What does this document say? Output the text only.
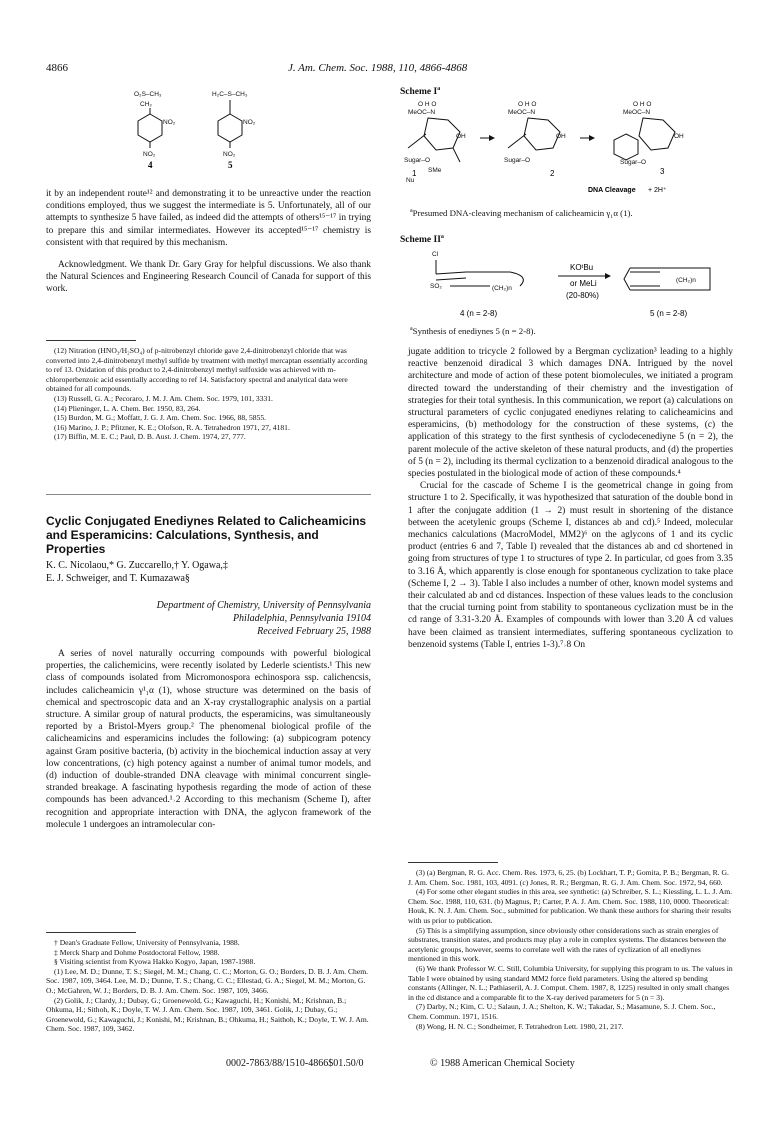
4866	J. Am. Chem. Soc. 1988, 110, 4866-4868
O₂S–CH₃
CH₂
NO₂
NO₂
4
H₂C–S–CH₃
NO₂
NO₂
5

it by an independent route¹² and demonstrating it to be unreactive under the reaction conditions employed, thus we suggest the intermediate is 5. Unfortunately, all of our attempts to synthesize 5 have failed, as indeed did the attempts of others¹⁵⁻¹⁷ in trying to prepare this and similar intermediates. However its accepted¹⁵⁻¹⁷ chemistry is consistent with that required by this mechanism.

Acknowledgment. We thank Dr. Gary Gray for helpful discussions. We also thank the Natural Sciences and Engineering Research Council of Canada for support of this work.

(12) Nitration (HNO₃/H₂SO₄) of p-nitrobenzyl chloride gave 2,4-dinitrobenzyl chloride that was converted into 2,4-dinitrobenzyl methyl sulfide by treatment with methyl mercaptan essentially according to ref 13. Oxidation of this product to 2,4-dinitrobenzyl methyl sulfoxide was achieved with m-chloroperbenzoic acid essentially according to ref 14. Satisfactory spectral and analytical data were obtained for all compounds.

(13) Russell, G. A.; Pecoraro, J. M. J. Am. Chem. Soc. 1979, 101, 3331.

(14) Plieninger, L. A. Chem. Ber. 1950, 83, 264.

(15) Burdon, M. G.; Moffatt, J. G. J. Am. Chem. Soc. 1966, 88, 5855.

(16) Marino, J. P.; Pfitzner, K. E.; Olofson, R. A. Tetrahedron 1971, 27, 4181.

(17) Biffin, M. E. C.; Paul, D. B. Aust. J. Chem. 1974, 27, 777.

Cyclic Conjugated Enediynes Related to Calicheamicins and Esperamicins: Calculations, Synthesis, and Properties
K. C. Nicolaou,* G. Zuccarello,† Y. Ogawa,‡
E. J. Schweiger, and T. Kumazawa§
Department of Chemistry, University of Pennsylvania
Philadelphia, Pennsylvania 19104
Received February 25, 1988

A series of novel naturally occurring compounds with powerful biological properties, the calichemicins, were recently isolated by Lederle scientists.¹ This new class of compounds isolated from Micromonospora echinospora ssp. calichencsis, includes calicheamicin γ¹₁α (1), whose structure was determined on the basis of chemical and spectroscopic data and an X-ray crystallographic analysis on a partial structure. A similar group of natural products, the esperamicins, was simultaneously reported by a Bristol-Myers group.² The phenomenal biological profile of the calicheamicins and esperamicins includes the following: (a) subpicogram potency against Gram positive bacteria, (b) activity in the biochemical induction assay at very low concentrations, (c) high potency against a number of animal tumor models, and (d) induction of double-stranded DNA cleavage with minimal concurrent single-stranded breakage. A fascinating hypothesis regarding the mode of action of these compounds has been advanced.¹˒2 According to this mechanism (Scheme I), after recognition and appropriate interaction with DNA, the aglycon framework of the molecule 1 undergoes an intramolecular con-

† Dean's Graduate Fellow, University of Pennsylvania, 1988.

‡ Merck Sharp and Dohme Postdoctoral Fellow, 1988.

§ Visiting scientist from Kyowa Hakko Kogyo, Japan, 1987-1988.

(1) Lee, M. D.; Dunne, T. S.; Siegel, M. M.; Chang, C. C.; Morton, G. O.; Borders, D. B. J. Am. Chem. Soc. 1987, 109, 3464. Lee, M. D.; Dunne, T. S.; Chang, C. C.; Ellestad, G. A.; Siegel, M. M.; Morton, G. O.; McGahren, W. J.; Borders, D. B. J. Am. Chem. Soc. 1987, 109, 3466.

(2) Golik, J.; Clardy, J.; Dubay, G.; Groenewold, G.; Kawaguchi, H.; Konishi, M.; Krishnan, B.; Ohkuma, H.; Sithoh, K.; Doyle, T. W. J. Am. Chem. Soc. 1987, 109, 3461. Golik, J.; Dubay, G.; Groenewold, G.; Kawaguchi, J.; Konishi, M.; Krishnan, B.; Ohkuma, H.; Saithoh, K.; Doyle, T. W. J. Am. Chem. Soc. 1987, 109, 3462.

Scheme $I^a$
O H O
MeOC–N
OH
Sugar–O
SMe
Nu
1
O H O
MeOC–N
OH
Sugar–O
2
O H O
MeOC–N
OH
Sugar–O
3
DNA Cleavage + 2H⁺
$^a$Presumed DNA-cleaving mechanism of calicheamicin γ₁α (1).
Scheme $II^a$
Cl
SO₂	(CH₂)n
4 (n = 2-8)
KOᵗBu
or MeLi
(20-80%)
(CH₂)n
5 (n = 2-8)
$^a$Synthesis of enediynes 5 (n = 2-8).

jugate addition to tricycle 2 followed by a Bergman cyclization³ leading to a highly reactive benzenoid diradical 3 which damages DNA. Intrigued by the novel architecture and mode of action of these potent biomolecules, we initiated a program directed toward the understanding of their chemistry and the investigation of strategies for their total synthesis. In this communication, we report (a) calculations on structural parameters of cyclic conjugated enediynes relating to calicheamicins and esperamicins, (b) methodology for the construction of these systems, (c) the application of this strategy to the first synthesis of cyclodecenediyne 5 (n = 2), the parent molecule of the active skeleton of these natural products, and (d) the properties of 5 (n = 2), including its thermal cyclization to a benzenoid diradical analogous to the species postulated in the biological mode of action of these compounds.⁴

Crucial for the cascade of Scheme I is the geometrical change in going from structure 1 to 2. Specifically, it was hypothesized that saturation of the double bond in 1 after the conjugate addition (1 → 2) must result in shortening of the distance between the acetylenic groups (Scheme I, distances ab and cd).⁵ Indeed, molecular mechanics calculations (MacroModel, MM2)⁶ on the aglycons of 1 and its cyclic product (entries 6 and 7, Table I) revealed that the distances ab and cd shortened in going from structures of type 1 to structures of type 2. In particular, cd goes from 3.35 to 3.16 Å, which apparently is close enough for spontaneous cyclization to take place (Scheme I, 2 → 3). Table I also includes a number of other, known model systems and their calculated ab and cd distances. Inspection of these values leads to the conclusion that the crucial turning point from stability to spontaneous cyclization must be in the cd range of 3.31-3.20 Å. Examples of compounds with lower than 3.20 Å cd values have been claimed as transient intermediates, suffering spontaneous cyclization to benzenoid systems (Table I, entries 1-3).⁷˒8 On

(3) (a) Bergman, R. G. Acc. Chem. Res. 1973, 6, 25. (b) Lockhart, T. P.; Gomita, P. B.; Bergman, R. G. J. Am. Chem. Soc. 1981, 103, 4091. (c) Jones, R. R.; Bergman, R. G. J. Am. Chem. Soc. 1972, 94, 660.

(4) For some other elegant studies in this area, see synthetic: (a) Schreiber, S. L.; Kiessling, L. L. J. Am. Chem. Soc. 1988, 110, 631. (b) Magnus, P.; Carter, P. A. J. Am. Chem. Soc. 1988, 110, 0000. Theoretical: Houk, K. N. J. Am. Chem. Soc., submitted for publication. We thank these authors for sharing their results with us prior to publication.

(5) This is a simplifying assumption, since obviously other considerations such as strain energies of substrates, transition states, and products may play a role in complex systems. The distances between the acetylenic groups, however, seems to correlate well with the rates of cyclization of all enediynes mentioned in this work.

(6) We thank Professor W. C. Still, Columbia University, for supplying this program to us. The values in Table I were obtained by using standard MM2 force field parameters. Using the altered sp bending constants (Allinger, N. L.; Pathiaseril, A. J. Comput. Chem. 1987, 8, 1225) resulted in only small changes in the cd distance and a comparable fit to the X-ray derived parameters for 5 (n = 3).

(7) Darby, N.; Kim, C. U.; Salaun, J. A.; Shelton, K. W.; Takadar, S.; Masamune, S. J. Chem. Soc., Chem. Commun. 1971, 1516.

(8) Wong, H. N. C.; Sondheimer, F. Tetrahedron Lett. 1980, 21, 217.

0002-7863/88/1510-4866$01.50/0	© 1988 American Chemical Society
